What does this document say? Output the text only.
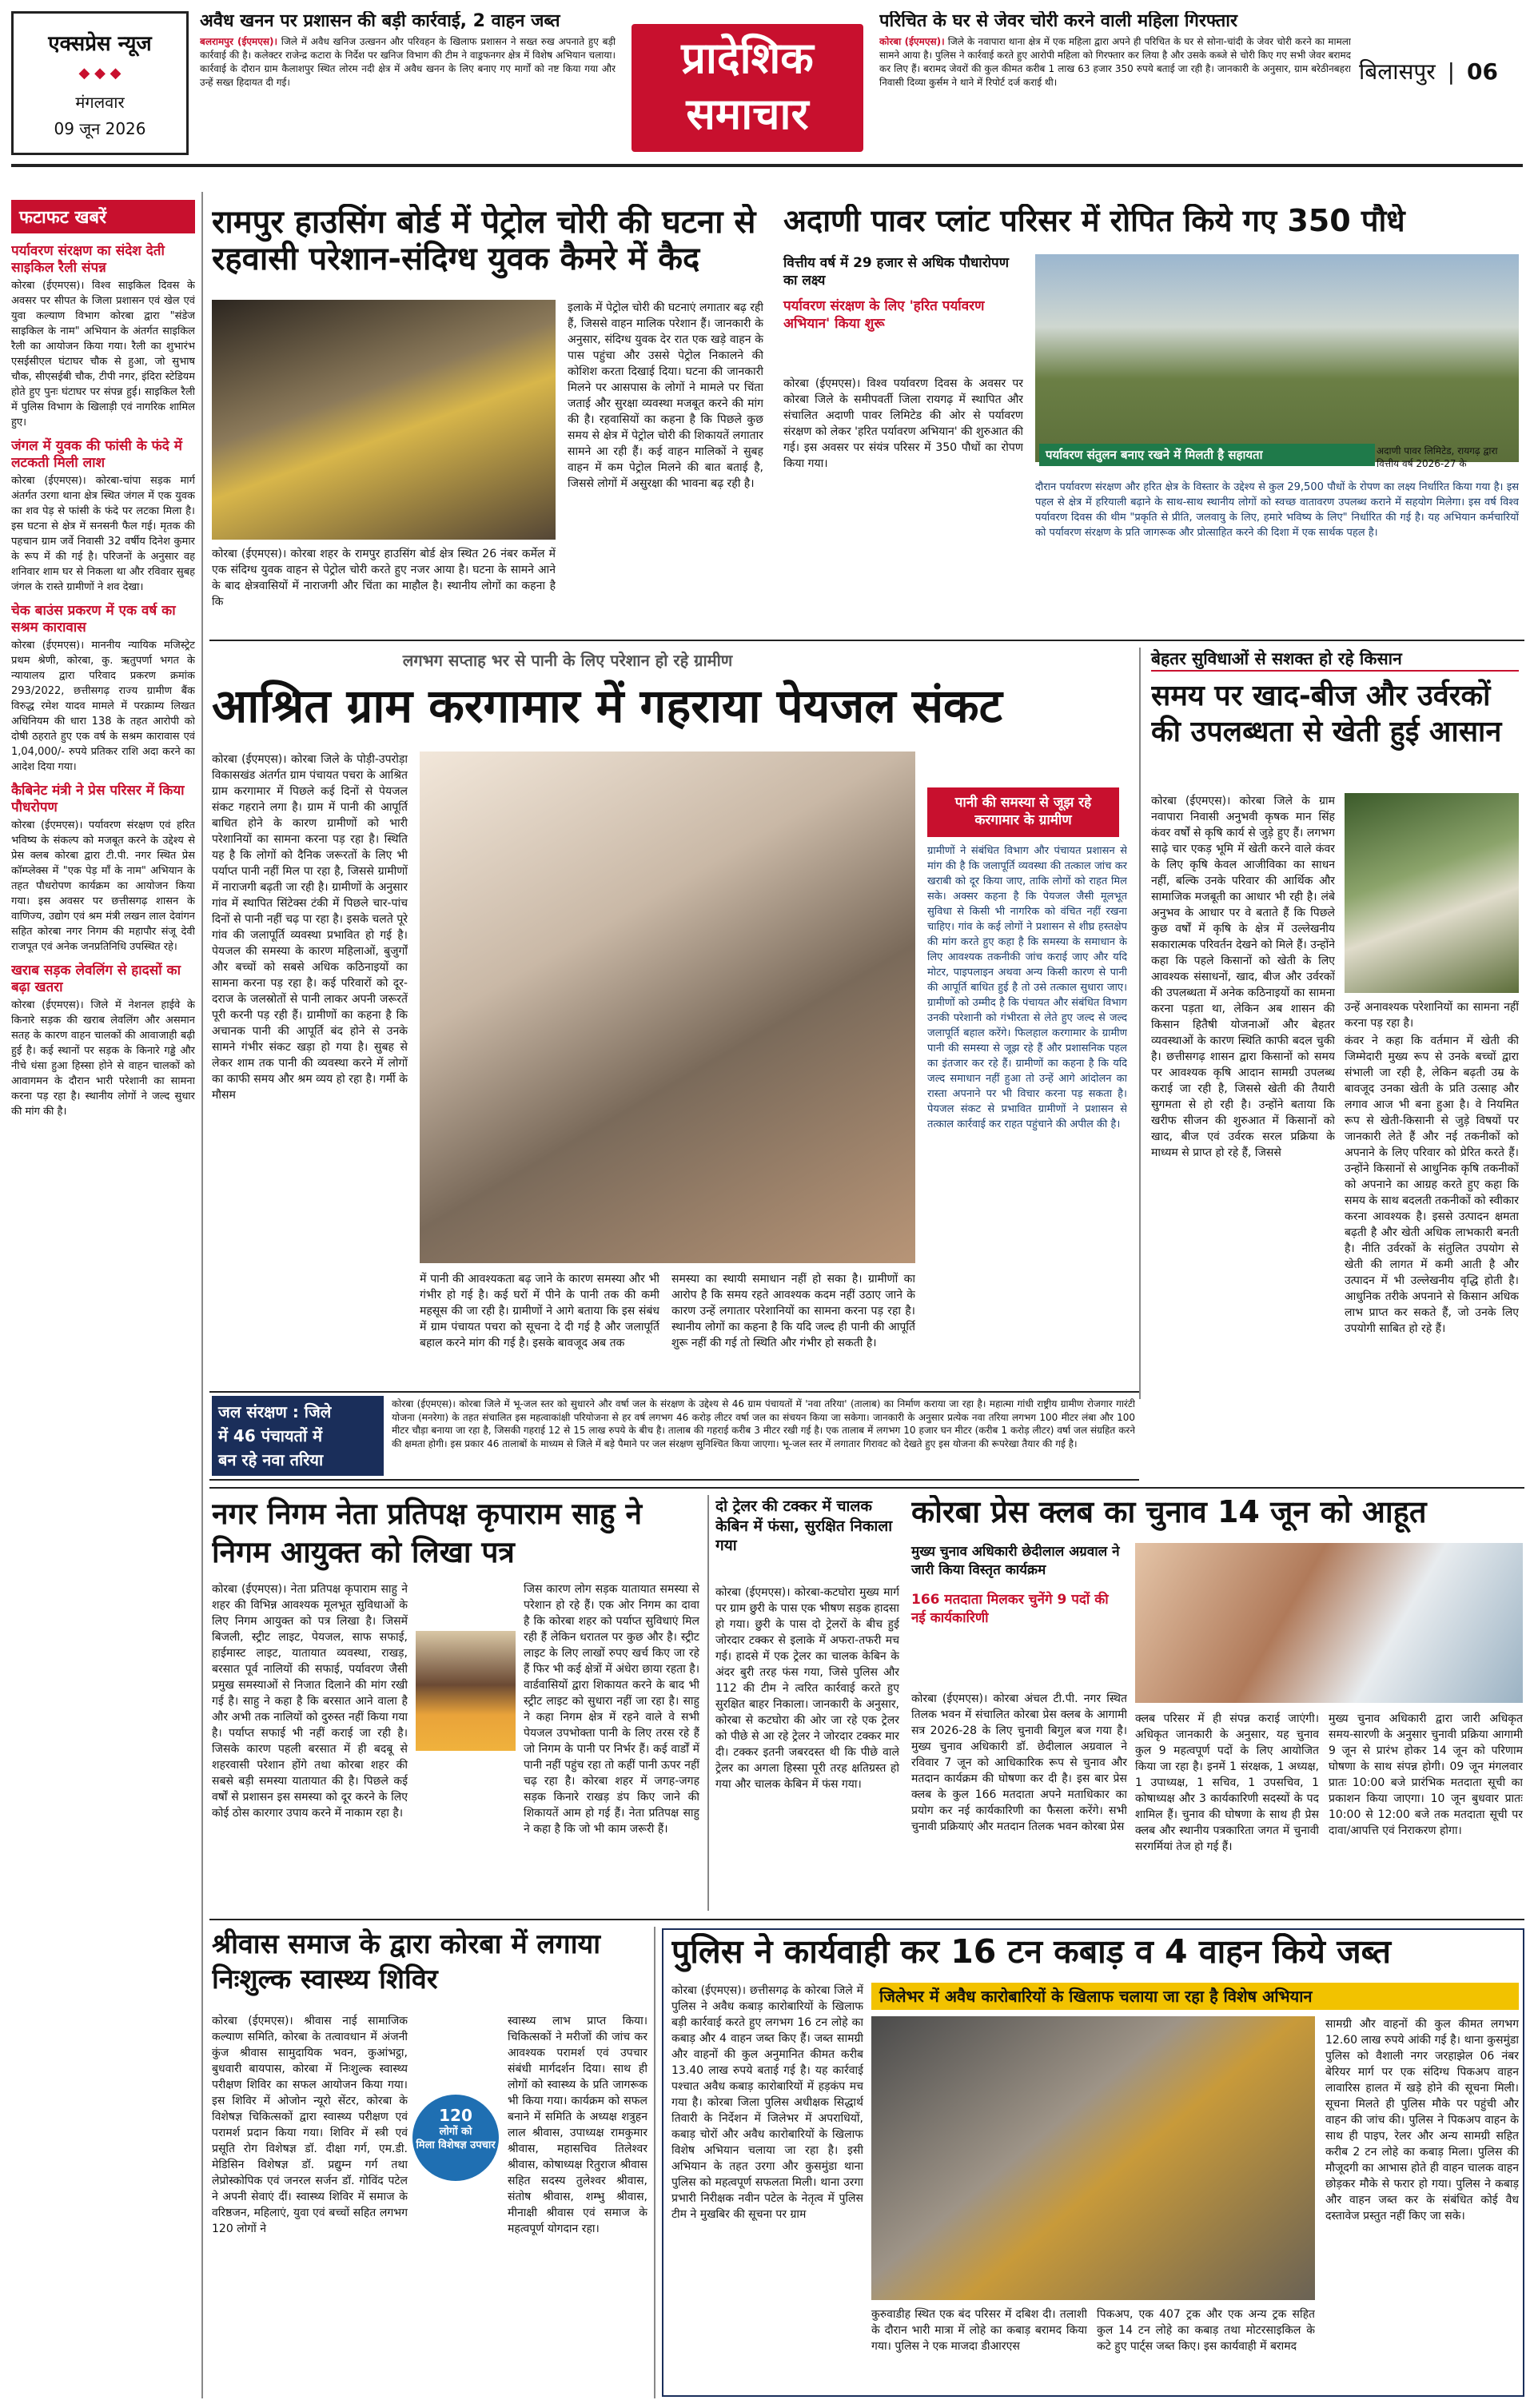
एक्सप्रेस न्यूज
◆ ◆ ◆
मंगलवार
09 जून 2026
अवैध खनन पर प्रशासन की बड़ी कार्रवाई, 2 वाहन जब्त
बलरामपुर (ईएमएस)। जिले में अवैध खनिज उत्खनन और परिवहन के खिलाफ प्रशासन ने सख्त रुख अपनाते हुए बड़ी कार्रवाई की है। कलेक्टर राजेन्द्र कटारा के निर्देश पर खनिज विभाग की टीम ने वाड्रफनगर क्षेत्र में विशेष अभियान चलाया। कार्रवाई के दौरान ग्राम कैलाशपुर स्थित लोरम नदी क्षेत्र में अवैध खनन के लिए बनाए गए मार्गों को नष्ट किया गया और उन्हें सख्त हिदायत दी गई।	प्रादेशिक
समाचार
परिचित के घर से जेवर चोरी करने वाली महिला गिरफ्तार
कोरबा (ईएमएस)। जिले के नवापारा थाना क्षेत्र में एक महिला द्वारा अपने ही परिचित के घर से सोना-चांदी के जेवर चोरी करने का मामला सामने आया है। पुलिस ने कार्रवाई करते हुए आरोपी महिला को गिरफ्तार कर लिया है और उसके कब्जे से चोरी किए गए सभी जेवर बरामद कर लिए हैं। बरामद जेवरों की कुल कीमत करीब 1 लाख 63 हजार 350 रुपये बताई जा रही है। जानकारी के अनुसार, ग्राम बरेठीनबहरा निवासी दिव्या कुर्सम ने थाने में रिपोर्ट दर्ज कराई थी।	बिलासपुर | 06
फटाफट खबरें
पर्यावरण संरक्षण का संदेश देती साइकिल रैली संपन्न

कोरबा (ईएमएस)। विश्व साइकिल दिवस के अवसर पर सीपत के जिला प्रशासन एवं खेल एवं युवा कल्याण विभाग कोरबा द्वारा "संडेज साइकिल के नाम" अभियान के अंतर्गत साइकिल रैली का आयोजन किया गया। रैली का शुभारंभ एसईसीएल घंटाघर चौक से हुआ, जो सुभाष चौक, सीएसईबी चौक, टीपी नगर, इंदिरा स्टेडियम होते हुए पुनः घंटाघर पर संपन्न हुई। साइकिल रैली में पुलिस विभाग के खिलाड़ी एवं नागरिक शामिल हुए।

जंगल में युवक की फांसी के फंदे में लटकती मिली लाश

कोरबा (ईएमएस)। कोरबा-चांपा सड़क मार्ग अंतर्गत उरगा थाना क्षेत्र स्थित जंगल में एक युवक का शव पेड़ से फांसी के फंदे पर लटका मिला है। इस घटना से क्षेत्र में सनसनी फैल गई। मृतक की पहचान ग्राम जर्वे निवासी 32 वर्षीय दिनेश कुमार के रूप में की गई है। परिजनों के अनुसार वह शनिवार शाम घर से निकला था और रविवार सुबह जंगल के रास्ते ग्रामीणों ने शव देखा।

चेक बाउंस प्रकरण में एक वर्ष का सश्रम कारावास

कोरबा (ईएमएस)। माननीय न्यायिक मजिस्ट्रेट प्रथम श्रेणी, कोरबा, कु. ऋतुपर्णा भगत के न्यायालय द्वारा परिवाद प्रकरण क्रमांक 293/2022, छत्तीसगढ़ राज्य ग्रामीण बैंक विरुद्ध रमेश यादव मामले में परक्राम्य लिखत अधिनियम की धारा 138 के तहत आरोपी को दोषी ठहराते हुए एक वर्ष के सश्रम कारावास एवं 1,04,000/- रुपये प्रतिकर राशि अदा करने का आदेश दिया गया।

कैबिनेट मंत्री ने प्रेस परिसर में किया पौधरोपण

कोरबा (ईएमएस)। पर्यावरण संरक्षण एवं हरित भविष्य के संकल्प को मजबूत करने के उद्देश्य से प्रेस क्लब कोरबा द्वारा टी.पी. नगर स्थित प्रेस कॉम्प्लेक्स में "एक पेड़ माँ के नाम" अभियान के तहत पौधरोपण कार्यक्रम का आयोजन किया गया। इस अवसर पर छत्तीसगढ़ शासन के वाणिज्य, उद्योग एवं श्रम मंत्री लखन लाल देवांगन सहित कोरबा नगर निगम की महापौर संजू देवी राजपूत एवं अनेक जनप्रतिनिधि उपस्थित रहे।

खराब सड़क लेवलिंग से हादसों का बढ़ा खतरा

कोरबा (ईएमएस)। जिले में नेशनल हाईवे के किनारे सड़क की खराब लेवलिंग और असमान सतह के कारण वाहन चालकों की आवाजाही बढ़ी हुई है। कई स्थानों पर सड़क के किनारे गड्ढे और नीचे धंसा हुआ हिस्सा होने से वाहन चालकों को आवागमन के दौरान भारी परेशानी का सामना करना पड़ रहा है। स्थानीय लोगों ने जल्द सुधार की मांग की है।

रामपुर हाउसिंग बोर्ड में पेट्रोल चोरी की घटना से रहवासी परेशान-संदिग्ध युवक कैमरे में कैद
कोरबा (ईएमएस)। कोरबा शहर के रामपुर हाउसिंग बोर्ड क्षेत्र स्थित 26 नंबर कर्मेल में एक संदिग्ध युवक वाहन से पेट्रोल चोरी करते हुए नजर आया है। घटना के सामने आने के बाद क्षेत्रवासियों में नाराजगी और चिंता का माहौल है। स्थानीय लोगों का कहना है कि
इलाके में पेट्रोल चोरी की घटनाएं लगातार बढ़ रही हैं, जिससे वाहन मालिक परेशान हैं। जानकारी के अनुसार, संदिग्ध युवक देर रात एक खड़े वाहन के पास पहुंचा और उससे पेट्रोल निकालने की कोशिश करता दिखाई दिया। घटना की जानकारी मिलने पर आसपास के लोगों ने मामले पर चिंता जताई और सुरक्षा व्यवस्था मजबूत करने की मांग की है। रहवासियों का कहना है कि पिछले कुछ समय से क्षेत्र में पेट्रोल चोरी की शिकायतें लगातार सामने आ रही हैं। कई वाहन मालिकों ने सुबह वाहन में कम पेट्रोल मिलने की बात बताई है, जिससे लोगों में असुरक्षा की भावना बढ़ रही है।
अदाणी पावर प्लांट परिसर में रोपित किये गए 350 पौधे
वित्तीय वर्ष में 29 हजार से अधिक पौधारोपण का लक्ष्य
पर्यावरण संरक्षण के लिए 'हरित पर्यावरण अभियान' किया शुरू
कोरबा (ईएमएस)। विश्व पर्यावरण दिवस के अवसर पर कोरबा जिले के समीपवर्ती जिला रायगढ़ में स्थापित और संचालित अदाणी पावर लिमिटेड की ओर से पर्यावरण संरक्षण को लेकर 'हरित पर्यावरण अभियान' की शुरुआत की गई। इस अवसर पर संयंत्र परिसर में 350 पौधों का रोपण किया गया।
पर्यावरण संतुलन बनाए रखने में मिलती है सहायता	अदाणी पावर लिमिटेड, रायगढ़ द्वारा वित्तीय वर्ष 2026-27 के
दौरान पर्यावरण संरक्षण और हरित क्षेत्र के विस्तार के उद्देश्य से कुल 29,500 पौधों के रोपण का लक्ष्य निर्धारित किया गया है। इस पहल से क्षेत्र में हरियाली बढ़ाने के साथ-साथ स्थानीय लोगों को स्वच्छ वातावरण उपलब्ध कराने में सहयोग मिलेगा। इस वर्ष विश्व पर्यावरण दिवस की थीम "प्रकृति से प्रीति, जलवायु के लिए, हमारे भविष्य के लिए" निर्धारित की गई है। यह अभियान कर्मचारियों को पर्यावरण संरक्षण के प्रति जागरूक और प्रोत्साहित करने की दिशा में एक सार्थक पहल है।
लगभग सप्ताह भर से पानी के लिए परेशान हो रहे ग्रामीण
आश्रित ग्राम करगामार में गहराया पेयजल संकट
कोरबा (ईएमएस)। कोरबा जिले के पोड़ी-उपरोड़ा विकासखंड अंतर्गत ग्राम पंचायत पचरा के आश्रित ग्राम करगामार में पिछले कई दिनों से पेयजल संकट गहराने लगा है। ग्राम में पानी की आपूर्ति बाधित होने के कारण ग्रामीणों को भारी परेशानियों का सामना करना पड़ रहा है। स्थिति यह है कि लोगों को दैनिक जरूरतों के लिए भी पर्याप्त पानी नहीं मिल पा रहा है, जिससे ग्रामीणों में नाराजगी बढ़ती जा रही है। ग्रामीणों के अनुसार गांव में स्थापित सिंटेक्स टंकी में पिछले चार-पांच दिनों से पानी नहीं चढ़ पा रहा है। इसके चलते पूरे गांव की जलापूर्ति व्यवस्था प्रभावित हो गई है। पेयजल की समस्या के कारण महिलाओं, बुजुर्गों और बच्चों को सबसे अधिक कठिनाइयों का सामना करना पड़ रहा है। कई परिवारों को दूर-दराज के जलस्रोतों से पानी लाकर अपनी जरूरतें पूरी करनी पड़ रही हैं। ग्रामीणों का कहना है कि अचानक पानी की आपूर्ति बंद होने से उनके सामने गंभीर संकट खड़ा हो गया है। सुबह से लेकर शाम तक पानी की व्यवस्था करने में लोगों का काफी समय और श्रम व्यय हो रहा है। गर्मी के मौसम
में पानी की आवश्यकता बढ़ जाने के कारण समस्या और भी गंभीर हो गई है। कई घरों में पीने के पानी तक की कमी महसूस की जा रही है। ग्रामीणों ने आगे बताया कि इस संबंध में ग्राम पंचायत पचरा को सूचना दे दी गई है और जलापूर्ति बहाल करने मांग की गई है। इसके बावजूद अब तक
समस्या का स्थायी समाधान नहीं हो सका है। ग्रामीणों का आरोप है कि समय रहते आवश्यक कदम नहीं उठाए जाने के कारण उन्हें लगातार परेशानियों का सामना करना पड़ रहा है। स्थानीय लोगों का कहना है कि यदि जल्द ही पानी की आपूर्ति शुरू नहीं की गई तो स्थिति और गंभीर हो सकती है।
पानी की समस्या से जूझ रहे करगामार के ग्रामीण
ग्रामीणों ने संबंधित विभाग और पंचायत प्रशासन से मांग की है कि जलापूर्ति व्यवस्था की तत्काल जांच कर खराबी को दूर किया जाए, ताकि लोगों को राहत मिल सके। अक्सर कहना है कि पेयजल जैसी मूलभूत सुविधा से किसी भी नागरिक को वंचित नहीं रखना चाहिए। गांव के कई लोगों ने प्रशासन से शीघ्र हस्तक्षेप की मांग करते हुए कहा है कि समस्या के समाधान के लिए आवश्यक तकनीकी जांच कराई जाए और यदि मोटर, पाइपलाइन अथवा अन्य किसी कारण से पानी की आपूर्ति बाधित हुई है तो उसे तत्काल सुधारा जाए। ग्रामीणों को उम्मीद है कि पंचायत और संबंधित विभाग उनकी परेशानी को गंभीरता से लेते हुए जल्द से जल्द जलापूर्ति बहाल करेंगे। फिलहाल करगामार के ग्रामीण पानी की समस्या से जूझ रहे हैं और प्रशासनिक पहल का इंतजार कर रहे हैं। ग्रामीणों का कहना है कि यदि जल्द समाधान नहीं हुआ तो उन्हें आगे आंदोलन का रास्ता अपनाने पर भी विचार करना पड़ सकता है। पेयजल संकट से प्रभावित ग्रामीणों ने प्रशासन से तत्काल कार्रवाई कर राहत पहुंचाने की अपील की है।
बेहतर सुविधाओं से सशक्त हो रहे किसान
समय पर खाद-बीज और उर्वरकों की उपलब्धता से खेती हुई आसान
कोरबा (ईएमएस)। कोरबा जिले के ग्राम नवापारा निवासी अनुभवी कृषक मान सिंह कंवर वर्षों से कृषि कार्य से जुड़े हुए हैं। लगभग साढ़े चार एकड़ भूमि में खेती करने वाले कंवर के लिए कृषि केवल आजीविका का साधन नहीं, बल्कि उनके परिवार की आर्थिक और सामाजिक मजबूती का आधार भी रही है। लंबे अनुभव के आधार पर वे बताते हैं कि पिछले कुछ वर्षों में कृषि के क्षेत्र में उल्लेखनीय सकारात्मक परिवर्तन देखने को मिले हैं। उन्होंने कहा कि पहले किसानों को खेती के लिए आवश्यक संसाधनों, खाद, बीज और उर्वरकों की उपलब्धता में अनेक कठिनाइयों का सामना करना पड़ता था, लेकिन अब शासन की किसान हितैषी योजनाओं और बेहतर व्यवस्थाओं के कारण स्थिति काफी बदल चुकी है। छत्तीसगढ़ शासन द्वारा किसानों को समय पर आवश्यक कृषि आदान सामग्री उपलब्ध कराई जा रही है, जिससे खेती की तैयारी सुगमता से हो रही है। उन्होंने बताया कि खरीफ सीजन की शुरुआत में किसानों को खाद, बीज एवं उर्वरक सरल प्रक्रिया के माध्यम से प्राप्त हो रहे हैं, जिससे
उन्हें अनावश्यक परेशानियों का सामना नहीं करना पड़ रहा है।
कंवर ने कहा कि वर्तमान में खेती की जिम्मेदारी मुख्य रूप से उनके बच्चों द्वारा संभाली जा रही है, लेकिन बढ़ती उम्र के बावजूद उनका खेती के प्रति उत्साह और लगाव आज भी बना हुआ है। वे नियमित रूप से खेती-किसानी से जुड़े विषयों पर जानकारी लेते हैं और नई तकनीकों को अपनाने के लिए परिवार को प्रेरित करते हैं। उन्होंने किसानों से आधुनिक कृषि तकनीकों को अपनाने का आग्रह करते हुए कहा कि समय के साथ बदलती तकनीकों को स्वीकार करना आवश्यक है। इससे उत्पादन क्षमता बढ़ती है और खेती अधिक लाभकारी बनती है। नीति उर्वरकों के संतुलित उपयोग से खेती की लागत में कमी आती है और उत्पादन में भी उल्लेखनीय वृद्धि होती है। आधुनिक तरीके अपनाने से किसान अधिक लाभ प्राप्त कर सकते हैं, जो उनके लिए उपयोगी साबित हो रहे हैं।
जल संरक्षण : जिले
में 46 पंचायतों में
बन रहे नवा तरिया
कोरबा (ईएमएस)। कोरबा जिले में भू-जल स्तर को सुधारने और वर्षा जल के संरक्षण के उद्देश्य से 46 ग्राम पंचायतों में 'नवा तरिया' (तालाब) का निर्माण कराया जा रहा है। महात्मा गांधी राष्ट्रीय ग्रामीण रोजगार गारंटी योजना (मनरेगा) के तहत संचालित इस महत्वाकांक्षी परियोजना से हर वर्ष लगभग 46 करोड़ लीटर वर्षा जल का संचयन किया जा सकेगा। जानकारी के अनुसार प्रत्येक नवा तरिया लगभग 100 मीटर लंबा और 100 मीटर चौड़ा बनाया जा रहा है, जिसकी गहराई 12 से 15 लाख रुपये के बीच है। तालाब की गहराई करीब 3 मीटर रखी गई है। एक तालाब में लगभग 10 हजार घन मीटर (करीब 1 करोड़ लीटर) वर्षा जल संग्रहित करने की क्षमता होगी। इस प्रकार 46 तालाबों के माध्यम से जिले में बड़े पैमाने पर जल संरक्षण सुनिश्चित किया जाएगा। भू-जल स्तर में लगातार गिरावट को देखते हुए इस योजना की रूपरेखा तैयार की गई है।
नगर निगम नेता प्रतिपक्ष कृपाराम साहु ने निगम आयुक्त को लिखा पत्र
कोरबा (ईएमएस)। नेता प्रतिपक्ष कृपाराम साहु ने शहर की विभिन्न आवश्यक मूलभूत सुविधाओं के लिए निगम आयुक्त को पत्र लिखा है। जिसमें बिजली, स्ट्रीट लाइट, पेयजल, साफ सफाई, हाईमास्ट लाइट, यातायात व्यवस्था, राखड़, बरसात पूर्व नालियों की सफाई, पर्यावरण जैसी प्रमुख समस्याओं से निजात दिलाने की मांग रखी गई है। साहु ने कहा है कि बरसात आने वाला है और अभी तक नालियों को दुरुस्त नहीं किया गया है। पर्याप्त सफाई भी नहीं कराई जा रही है। जिसके कारण पहली बरसात में ही बदबू से शहरवासी परेशान होंगे तथा कोरबा शहर की सबसे बड़ी समस्या यातायात की है। पिछले कई वर्षों से प्रशासन इस समस्या को दूर करने के लिए कोई ठोस कारगार उपाय करने में नाकाम रहा है।
जिस कारण लोग सड़क यातायात समस्या से परेशान हो रहे हैं। एक ओर निगम का दावा है कि कोरबा शहर को पर्याप्त सुविधाएं मिल रही हैं लेकिन धरातल पर कुछ और है। स्ट्रीट लाइट के लिए लाखों रुपए खर्च किए जा रहे हैं फिर भी कई क्षेत्रों में अंधेरा छाया रहता है। वार्डवासियों द्वारा शिकायत करने के बाद भी स्ट्रीट लाइट को सुधारा नहीं जा रहा है। साहु ने कहा निगम क्षेत्र में रहने वाले वे सभी पेयजल उपभोक्ता पानी के लिए तरस रहे हैं जो निगम के पानी पर निर्भर हैं। कई वार्डों में पानी नहीं पहुंच रहा तो कहीं पानी ऊपर नहीं चढ़ रहा है। कोरबा शहर में जगह-जगह सड़क किनारे राखड़ डंप किए जाने की शिकायतें आम हो गई हैं। नेता प्रतिपक्ष साहु ने कहा है कि जो भी काम जरूरी हैं।
दो ट्रेलर की टक्कर में चालक केबिन में फंसा, सुरक्षित निकाला गया
कोरबा (ईएमएस)। कोरबा-कटघोरा मुख्य मार्ग पर ग्राम छुरी के पास एक भीषण सड़क हादसा हो गया। छुरी के पास दो ट्रेलरों के बीच हुई जोरदार टक्कर से इलाके में अफरा-तफरी मच गई। हादसे में एक ट्रेलर का चालक केबिन के अंदर बुरी तरह फंस गया, जिसे पुलिस और 112 की टीम ने त्वरित कार्रवाई करते हुए सुरक्षित बाहर निकाला। जानकारी के अनुसार, कोरबा से कटघोरा की ओर जा रहे एक ट्रेलर को पीछे से आ रहे ट्रेलर ने जोरदार टक्कर मार दी। टक्कर इतनी जबरदस्त थी कि पीछे वाले ट्रेलर का अगला हिस्सा पूरी तरह क्षतिग्रस्त हो गया और चालक केबिन में फंस गया।
कोरबा प्रेस क्लब का चुनाव 14 जून को आहूत
मुख्य चुनाव अधिकारी छेदीलाल अग्रवाल ने जारी किया विस्तृत कार्यक्रम
166 मतदाता मिलकर चुनेंगे 9 पदों की नई कार्यकारिणी
कोरबा (ईएमएस)। कोरबा अंचल टी.पी. नगर स्थित तिलक भवन में संचालित कोरबा प्रेस क्लब के आगामी सत्र 2026-28 के लिए चुनावी बिगुल बज गया है। मुख्य चुनाव अधिकारी डॉ. छेदीलाल अग्रवाल ने रविवार 7 जून को आधिकारिक रूप से चुनाव और मतदान कार्यक्रम की घोषणा कर दी है। इस बार प्रेस क्लब के कुल 166 मतदाता अपने मताधिकार का प्रयोग कर नई कार्यकारिणी का फैसला करेंगे। सभी चुनावी प्रक्रियाएं और मतदान तिलक भवन कोरबा प्रेस
क्लब परिसर में ही संपन्न कराई जाएंगी। अधिकृत जानकारी के अनुसार, यह चुनाव कुल 9 महत्वपूर्ण पदों के लिए आयोजित किया जा रहा है। इनमें 1 संरक्षक, 1 अध्यक्ष, 1 उपाध्यक्ष, 1 सचिव, 1 उपसचिव, 1 कोषाध्यक्ष और 3 कार्यकारिणी सदस्यों के पद शामिल हैं। चुनाव की घोषणा के साथ ही प्रेस क्लब और स्थानीय पत्रकारिता जगत में चुनावी सरगर्मियां तेज हो गई हैं।
मुख्य चुनाव अधिकारी द्वारा जारी अधिकृत समय-सारणी के अनुसार चुनावी प्रक्रिया आगामी 9 जून से प्रारंभ होकर 14 जून को परिणाम घोषणा के साथ संपन्न होगी। 09 जून मंगलवार प्रातः 10:00 बजे प्रारंभिक मतदाता सूची का प्रकाशन किया जाएगा। 10 जून बुधवार प्रातः 10:00 से 12:00 बजे तक मतदाता सूची पर दावा/आपत्ति एवं निराकरण होगा।
श्रीवास समाज के द्वारा कोरबा में लगाया निःशुल्क स्वास्थ्य शिविर
कोरबा (ईएमएस)। श्रीवास नाई सामाजिक कल्याण समिति, कोरबा के तत्वावधान में अंजनी कुंज श्रीवास सामुदायिक भवन, कुआंभट्ठा, बुधवारी बायपास, कोरबा में निःशुल्क स्वास्थ्य परीक्षण शिविर का सफल आयोजन किया गया। इस शिविर में ओजोन न्यूरो सेंटर, कोरबा के विशेषज्ञ चिकित्सकों द्वारा स्वास्थ्य परीक्षण एवं परामर्श प्रदान किया गया। शिविर में स्त्री एवं प्रसूति रोग विशेषज्ञ डॉ. दीक्षा गर्ग, एम.डी. मेडिसिन विशेषज्ञ डॉ. प्रद्युम्न गर्ग तथा लेप्रोस्कोपिक एवं जनरल सर्जन डॉ. गोविंद पटेल ने अपनी सेवाएं दीं। स्वास्थ्य शिविर में समाज के वरिष्ठजन, महिलाएं, युवा एवं बच्चों सहित लगभग 120 लोगों ने
120
लोगों को
मिला विशेषज्ञ उपचार
स्वास्थ्य लाभ प्राप्त किया। चिकित्सकों ने मरीजों की जांच कर आवश्यक परामर्श एवं उपचार संबंधी मार्गदर्शन दिया। साथ ही लोगों को स्वास्थ्य के प्रति जागरूक भी किया गया। कार्यक्रम को सफल बनाने में समिति के अध्यक्ष शत्रुहन लाल श्रीवास, उपाध्यक्ष रामकुमार श्रीवास, महासचिव तिलेश्वर श्रीवास, कोषाध्यक्ष रितुराज श्रीवास सहित सदस्य तुलेश्वर श्रीवास, संतोष श्रीवास, शम्भु श्रीवास, मीनाक्षी श्रीवास एवं समाज के महत्वपूर्ण योगदान रहा।
पुलिस ने कार्यवाही कर 16 टन कबाड़ व 4 वाहन किये जब्त
जिलेभर में अवैध कारोबारियों के खिलाफ चलाया जा रहा है विशेष अभियान
कोरबा (ईएमएस)। छत्तीसगढ़ के कोरबा जिले में पुलिस ने अवैध कबाड़ कारोबारियों के खिलाफ बड़ी कार्रवाई करते हुए लगभग 16 टन लोहे का कबाड़ और 4 वाहन जब्त किए हैं। जब्त सामग्री और वाहनों की कुल अनुमानित कीमत करीब 13.40 लाख रुपये बताई गई है। यह कार्रवाई पश्चात अवैध कबाड़ कारोबारियों में हड़कंप मच गया है। कोरबा जिला पुलिस अधीक्षक सिद्धार्थ तिवारी के निर्देशन में जिलेभर में अपराधियों, कबाड़ चोरों और अवैध कारोबारियों के खिलाफ विशेष अभियान चलाया जा रहा है। इसी अभियान के तहत उरगा और कुसमुंडा थाना पुलिस को महत्वपूर्ण सफलता मिली। थाना उरगा प्रभारी निरीक्षक नवीन पटेल के नेतृत्व में पुलिस टीम ने मुखबिर की सूचना पर ग्राम
कुरुवाडीह स्थित एक बंद परिसर में दबिश दी। तलाशी के दौरान भारी मात्रा में लोहे का कबाड़ बरामद किया गया। पुलिस ने एक माजदा डीआरएस
पिकअप, एक 407 ट्रक और एक अन्य ट्रक सहित कुल 14 टन लोहे का कबाड़ तथा मोटरसाइकिल के कटे हुए पार्ट्स जब्त किए। इस कार्यवाही में बरामद
सामग्री और वाहनों की कुल कीमत लगभग 12.60 लाख रुपये आंकी गई है। थाना कुसमुंडा पुलिस को वैशाली नगर जरहाझेल 06 नंबर बेरियर मार्ग पर एक संदिग्ध पिकअप वाहन लावारिस हालत में खड़े होने की सूचना मिली। सूचना मिलते ही पुलिस मौके पर पहुंची और वाहन की जांच की। पुलिस ने पिकअप वाहन के साथ ही पाइप, रेलर और अन्य सामग्री सहित करीब 2 टन लोहे का कबाड़ मिला। पुलिस की मौजूदगी का आभास होते ही वाहन चालक वाहन छोड़कर मौके से फरार हो गया। पुलिस ने कबाड़ और वाहन जब्त कर के संबंधित कोई वैध दस्तावेज प्रस्तुत नहीं किए जा सके।
